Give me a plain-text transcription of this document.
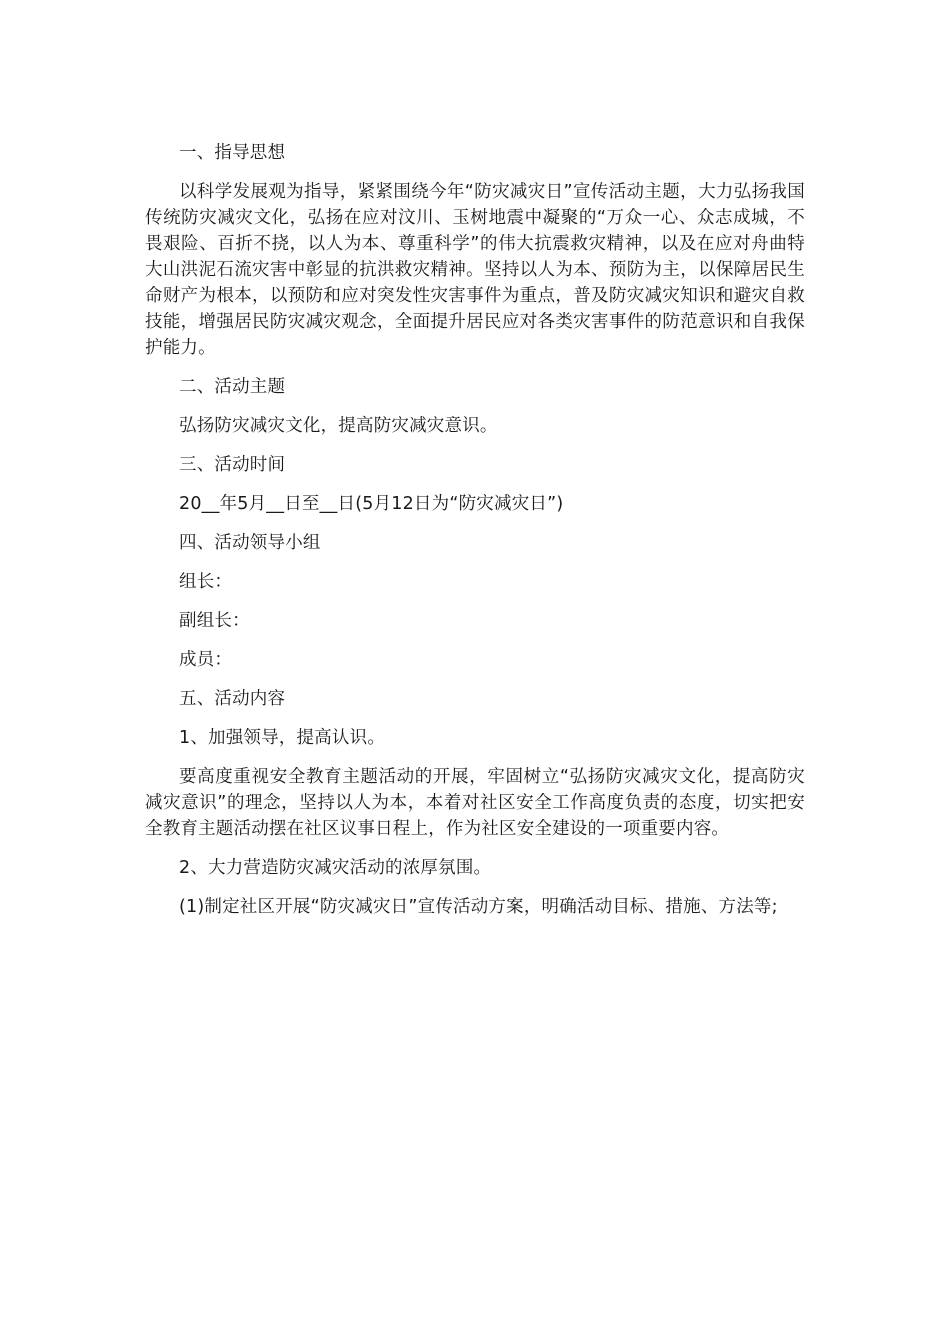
一、指导思想

以科学发展观为指导，紧紧围绕今年“防灾减灾日”宣传活动主题，大力弘扬我国传统防灾减灾文化，弘扬在应对汶川、玉树地震中凝聚的“万众一心、众志成城，不畏艰险、百折不挠，以人为本、尊重科学”的伟大抗震救灾精神，以及在应对舟曲特大山洪泥石流灾害中彰显的抗洪救灾精神。坚持以人为本、预防为主，以保障居民生命财产为根本，以预防和应对突发性灾害事件为重点，普及防灾减灾知识和避灾自救技能，增强居民防灾减灾观念，全面提升居民应对各类灾害事件的防范意识和自我保护能力。

二、活动主题

弘扬防灾减灾文化，提高防灾减灾意识。

三、活动时间

20__年5月__日至__日(5月12日为“防灾减灾日”)

四、活动领导小组

组长：

副组长：

成员：

五、活动内容

1、加强领导，提高认识。

要高度重视安全教育主题活动的开展，牢固树立“弘扬防灾减灾文化，提高防灾减灾意识”的理念，坚持以人为本，本着对社区安全工作高度负责的态度，切实把安全教育主题活动摆在社区议事日程上，作为社区安全建设的一项重要内容。

2、大力营造防灾减灾活动的浓厚氛围。

(1)制定社区开展“防灾减灾日”宣传活动方案，明确活动目标、措施、方法等;
